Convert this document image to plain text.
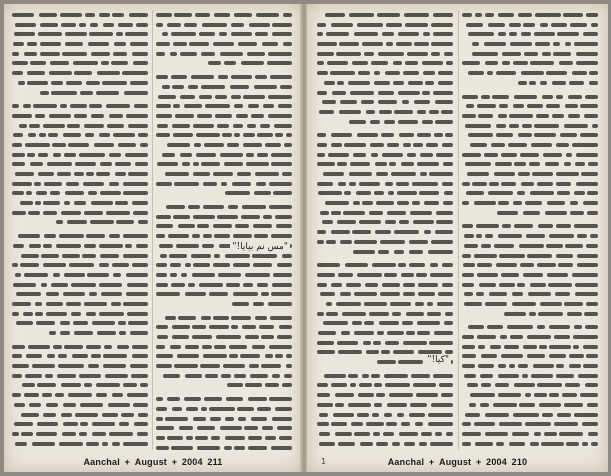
"مس نم بیایا!"
Aanchal + August + 2004 211
"کیا!"
Aanchal + August + 2004 210
1
